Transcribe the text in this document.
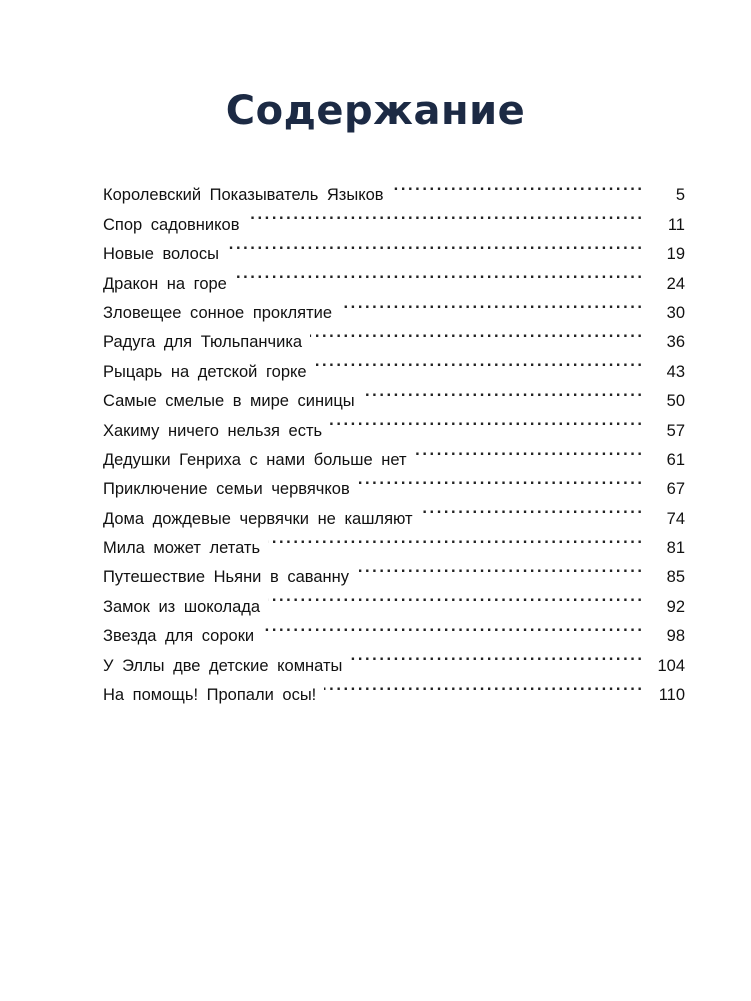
Содержание
Королевский Показыватель Языков . . .	5
Спор садовников . . .	11
Новые волосы . . .	19
Дракон на горе . . .	24
Зловещее сонное проклятие . . .	30
Радуга для Тюльпанчика . . .	36
Рыцарь на детской горке . . .	43
Самые смелые в мире синицы . . .	50
Хакиму ничего нельзя есть . . .	57
Дедушки Генриха с нами больше нет . . .	61
Приключение семьи червячков . . .	67
Дома дождевые червячки не кашляют . . .	74
Мила может летать . . .	81
Путешествие Ньяни в саванну . . .	85
Замок из шоколада . . .	92
Звезда для сороки . . .	98
У Эллы две детские комнаты . . .	104
На помощь! Пропали осы! . . .	110
